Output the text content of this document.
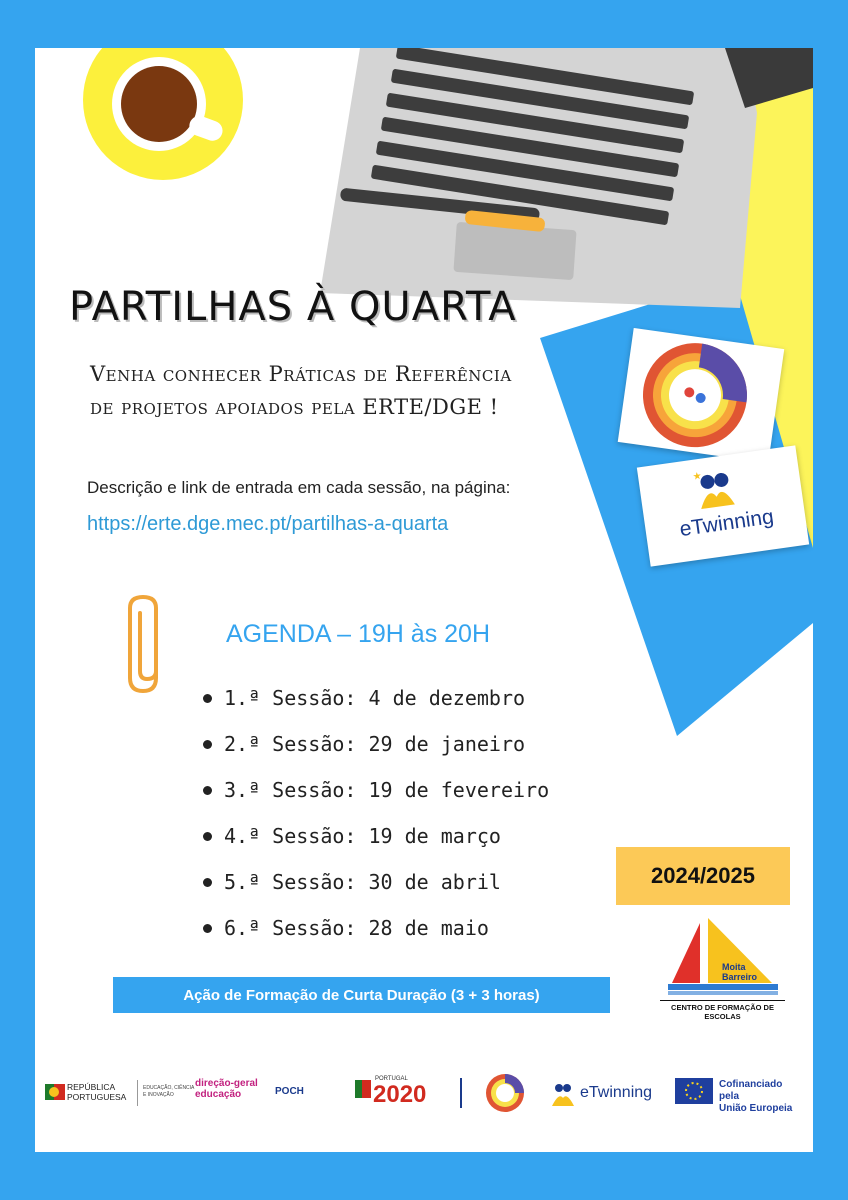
PARTILHAS À QUARTA
Venha conhecer Práticas de Referência
de projetos apoiados pela ERTE/DGE !
★
eTwinning
Descrição e link de entrada em cada sessão, na página:
https://erte.dge.mec.pt/partilhas-a-quarta
AGENDA – 19H às 20H
1.ª Sessão: 4 de dezembro
2.ª Sessão: 29 de janeiro
3.ª Sessão: 19 de fevereiro
4.ª Sessão: 19 de março
5.ª Sessão: 30 de abril
6.ª Sessão: 28 de maio
2024/2025
Moita Barreiro
CENTRO DE FORMAÇÃO DE ESCOLAS
Ação de Formação de Curta Duração (3 + 3 horas)
REPÚBLICA
PORTUGUESA
EDUCAÇÃO, CIÊNCIA
E INOVAÇÃO
direção-geral
educação	POCH
PORTUGAL
2020	eTwinning	Cofinanciado pela
União Europeia
